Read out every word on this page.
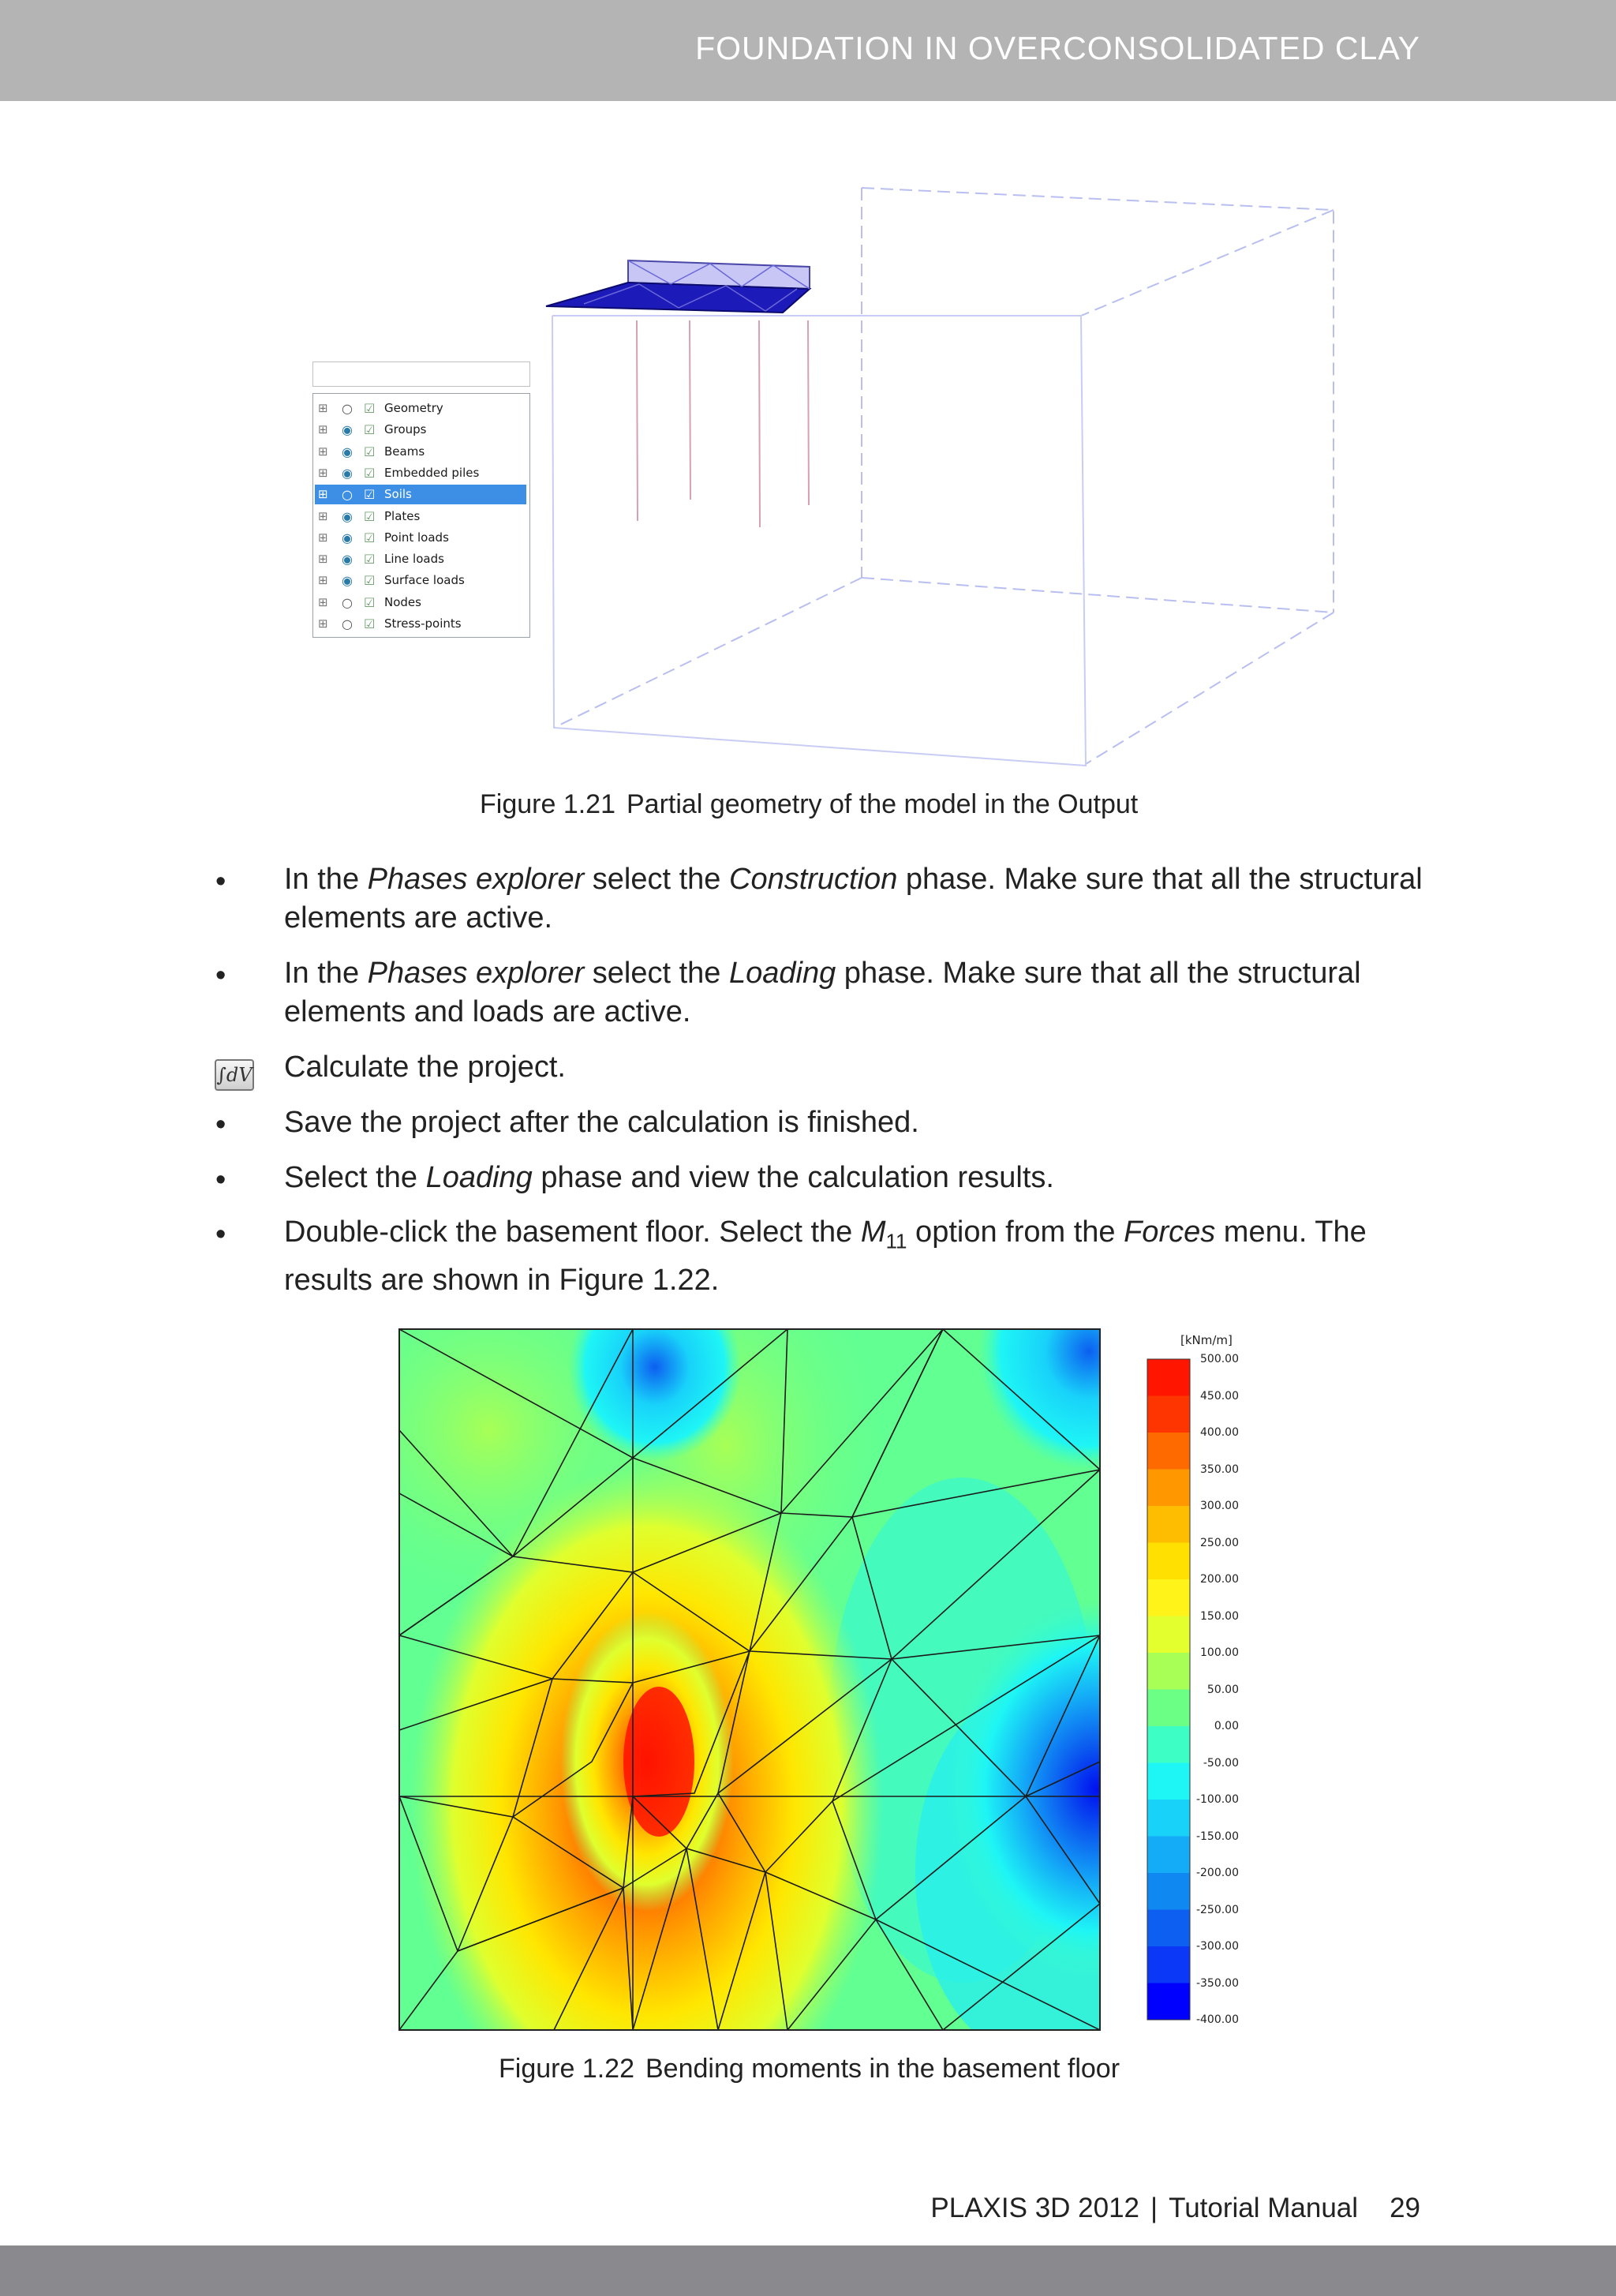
FOUNDATION IN OVERCONSOLIDATED CLAY
⊞ ○ ☑ Geometry
⊞ ◉ ☑ Groups
⊞ ◉ ☑ Beams
⊞ ◉ ☑ Embedded piles
⊞ ○ ☑ Soils
⊞ ◉ ☑ Plates
⊞ ◉ ☑ Point loads
⊞ ◉ ☑ Line loads
⊞ ◉ ☑ Surface loads
⊞ ○ ☑ Nodes
⊞ ○ ☑ Stress-points
Figure 1.21 Partial geometry of the model in the Output
• In the Phases explorer select the Construction phase. Make sure that all the structural elements are active.
• In the Phases explorer select the Loading phase. Make sure that all the structural elements and loads are active.
∫dV Calculate the project.
• Save the project after the calculation is finished.
• Select the Loading phase and view the calculation results.
• Double-click the basement floor. Select the $M_{11}$ option from the Forces menu. The results are shown in Figure 1.22.
[kNm/m]
500.00
450.00
400.00
350.00
300.00
250.00
200.00
150.00
100.00
50.00
0.00
-50.00
-100.00
-150.00
-200.00
-250.00
-300.00
-350.00
-400.00
Figure 1.22 Bending moments in the basement floor
PLAXIS 3D 2012 | Tutorial Manual 29
